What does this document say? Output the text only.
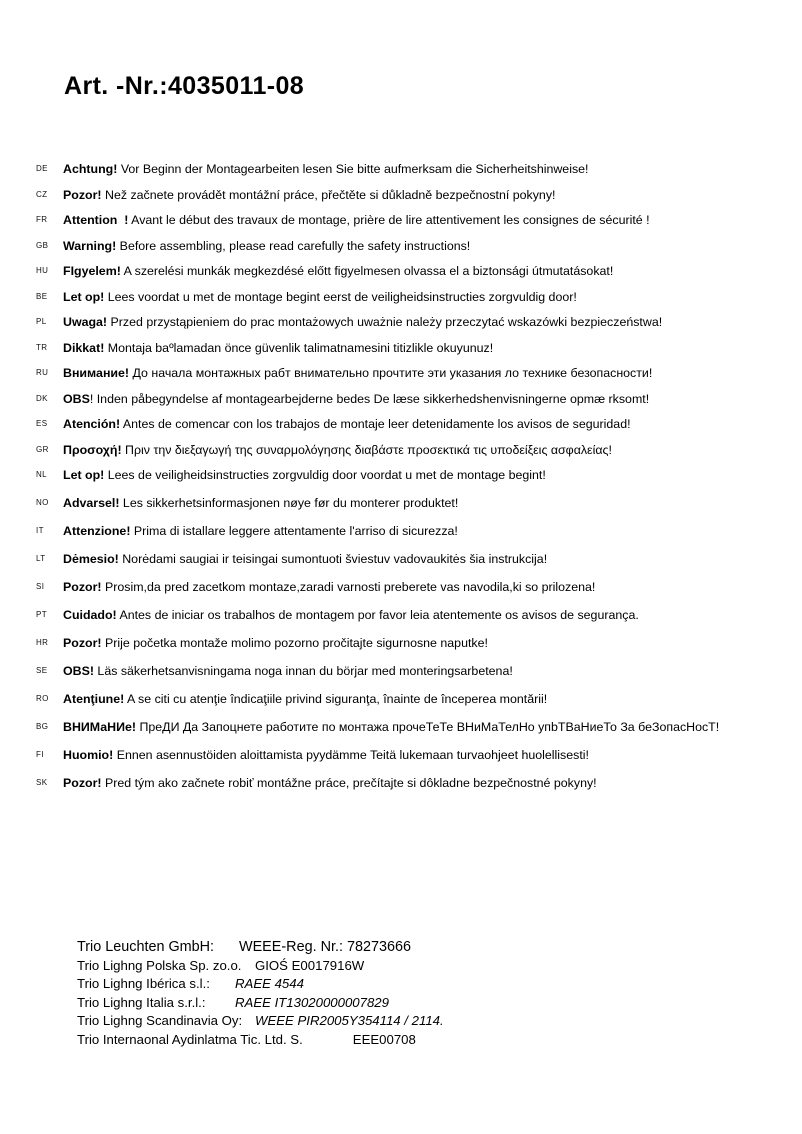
Art. -Nr.:4035011-08
DE Achtung! Vor Beginn der Montagearbeiten lesen Sie bitte aufmerksam die Sicherheitshinweise!
CZ Pozor! Než začnete provádět montážní práce, přečtěte si důkladně bezpečnostní pokyny!
FR Attention  ! Avant le début des travaux de montage, prière de lire attentivement les consignes de sécurité !
GB Warning! Before assembling, please read carefully the safety instructions!
HU FIgyelem! A szerelési munkák megkezdésé előtt figyelmesen olvassa el a biztonsági útmutatásokat!
BE Let op! Lees voordat u met de montage begint eerst de veiligheidsinstructies zorgvuldig door!
PL Uwaga! Przed przystąpieniem do prac montażowych uważnie należy przeczytać wskazówki bezpieczeństwa!
TR Dikkat! Montaja baºlamadan önce güvenlik talimatnamesini titizlikle okuyunuz!
RU Внимание! До начала монтажных рабт внимательно прочтите эти указания ло технике безопасности!
DK OBS! Inden påbegyndelse af montagearbejderne bedes De læse sikkerhedshenvisningerne opmæ rksomt!
ES Atención! Antes de comencar con los trabajos de montaje leer detenidamente los avisos de seguridad!
GR Προσοχή! Πριν την διεξαγωγή της συναρμολόγησης διαβάστε προσεκτικά τις υποδείξεις ασφαλείας!
NL Let op! Lees de veiligheidsinstructies zorgvuldig door voordat u met de montage begint!
NO Advarsel! Les sikkerhetsinformasjonen nøye før du monterer produktet!
IT Attenzione! Prima di istallare leggere attentamente l'arriso di sicurezza!
LT Dėmesio! Norėdami saugiai ir teisingai sumontuoti šviestuv vadovaukitės šia instrukcija!
SI Pozor! Prosim,da pred zacetkom montaze,zaradi varnosti preberete vas navodila,ki so prilozena!
PT Cuidado! Antes de iniciar os trabalhos de montagem por favor leia atentemente os avisos de segurança.
HR Pozor! Prije početka montaže molimo pozorno pročitajte sigurnosne naputke!
SE OBS! Läs säkerhetsanvisningama noga innan du börjar med monteringsarbetena!
RO Atenţiune! A se citi cu atenţie îndicaţiile privind siguranţa, înainte de începerea montării!
BG ВНИМаНИе! ПреДИ Да Запоцнете работите по монтажа прочеТеТе ВНиМаТелНо упbТВаНиеТо За беЗопасНосТ!
FI Huomio! Ennen asennustöiden aloittamista pyydämme Teitä lukemaan turvaohjeet huolellisesti!
SK Pozor! Pred tým ako začnete robiť montážne práce, prečítajte si dôkladne bezpečnostné pokyny!
Trio Leuchten GmbH: WEEE-Reg. Nr.: 78273666
Trio Lighng Polska Sp. zo.o. GIOŚ E0017916W
Trio Lighng Ibérica s.l.: RAEE 4544
Trio Lighng Italia s.r.l.: RAEE IT13020000007829
Trio Lighng Scandinavia Oy: WEEE PIR2005Y354114 / 2114.
Trio Internaonal Aydinlatma Tic. Ltd. S.	EEE00708
